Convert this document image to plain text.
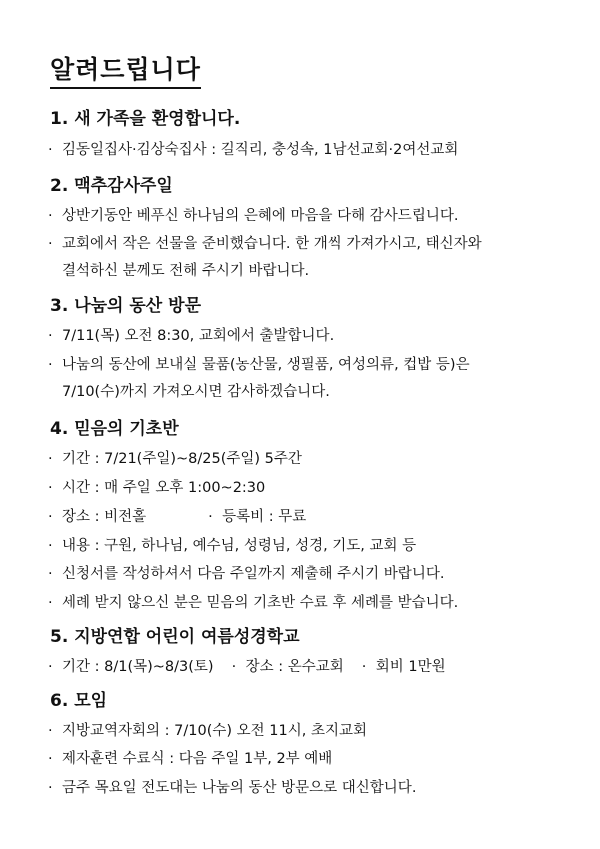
알려드립니다
1. 새 가족을 환영합니다.
· 김동일집사·김상숙집사 : 길직리, 충성속, 1남선교회·2여선교회
2. 맥추감사주일
· 상반기동안 베푸신 하나님의 은혜에 마음을 다해 감사드립니다.
· 교회에서 작은 선물을 준비했습니다. 한 개씩 가져가시고, 태신자와
결석하신 분께도 전해 주시기 바랍니다.
3. 나눔의 동산 방문
· 7/11(목) 오전 8:30, 교회에서 출발합니다.
· 나눔의 동산에 보내실 물품(농산물, 생필품, 여성의류, 컵밥 등)은
7/10(수)까지 가져오시면 감사하겠습니다.
4. 믿음의 기초반
· 기간 : 7/21(주일)~8/25(주일) 5주간
· 시간 : 매 주일 오후 1:00~2:30
· 장소 : 비전홀	· 등록비 : 무료
· 내용 : 구원, 하나님, 예수님, 성령님, 성경, 기도, 교회 등
· 신청서를 작성하셔서 다음 주일까지 제출해 주시기 바랍니다.
· 세례 받지 않으신 분은 믿음의 기초반 수료 후 세례를 받습니다.
5. 지방연합 어린이 여름성경학교
· 기간 : 8/1(목)~8/3(토) · 장소 : 온수교회 · 회비 1만원
6. 모임
· 지방교역자회의 : 7/10(수) 오전 11시, 초지교회
· 제자훈련 수료식 : 다음 주일 1부, 2부 예배
· 금주 목요일 전도대는 나눔의 동산 방문으로 대신합니다.
